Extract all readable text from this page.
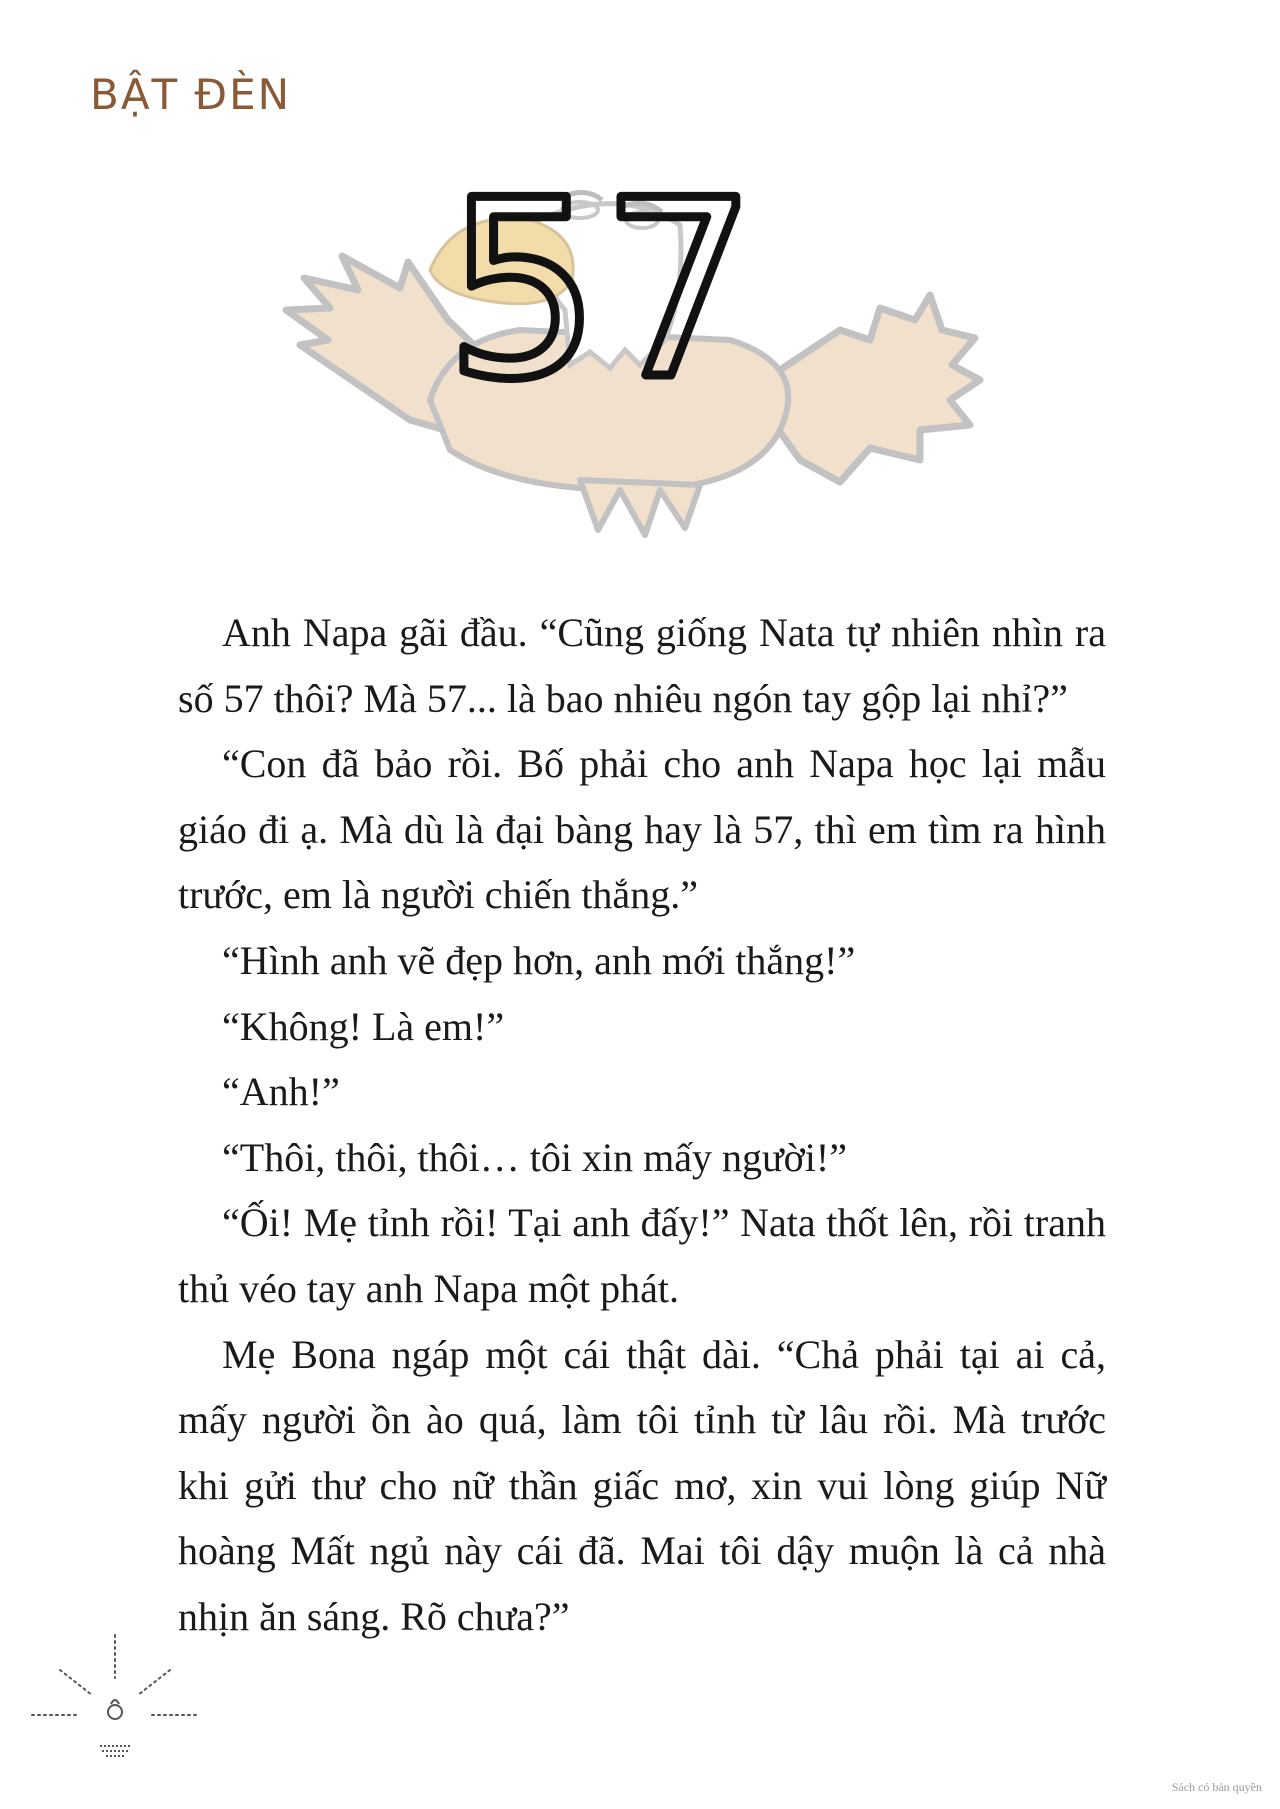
BẬT ĐÈN
57

Anh Napa gãi đầu. “Cũng giống Nata tự nhiên nhìn ra số 57 thôi? Mà 57... là bao nhiêu ngón tay gộp lại nhỉ?”

“Con đã bảo rồi. Bố phải cho anh Napa học lại mẫu giáo đi ạ. Mà dù là đại bàng hay là 57, thì em tìm ra hình trước, em là người chiến thắng.”

“Hình anh vẽ đẹp hơn, anh mới thắng!”

“Không! Là em!”

“Anh!”

“Thôi, thôi, thôi… tôi xin mấy người!”

“Ối! Mẹ tỉnh rồi! Tại anh đấy!” Nata thốt lên, rồi tranh thủ véo tay anh Napa một phát.

Mẹ Bona ngáp một cái thật dài. “Chả phải tại ai cả, mấy người ồn ào quá, làm tôi tỉnh từ lâu rồi. Mà trước khi gửi thư cho nữ thần giấc mơ, xin vui lòng giúp Nữ hoàng Mất ngủ này cái đã. Mai tôi dậy muộn là cả nhà nhịn ăn sáng. Rõ chưa?”

Sách có bản quyền
